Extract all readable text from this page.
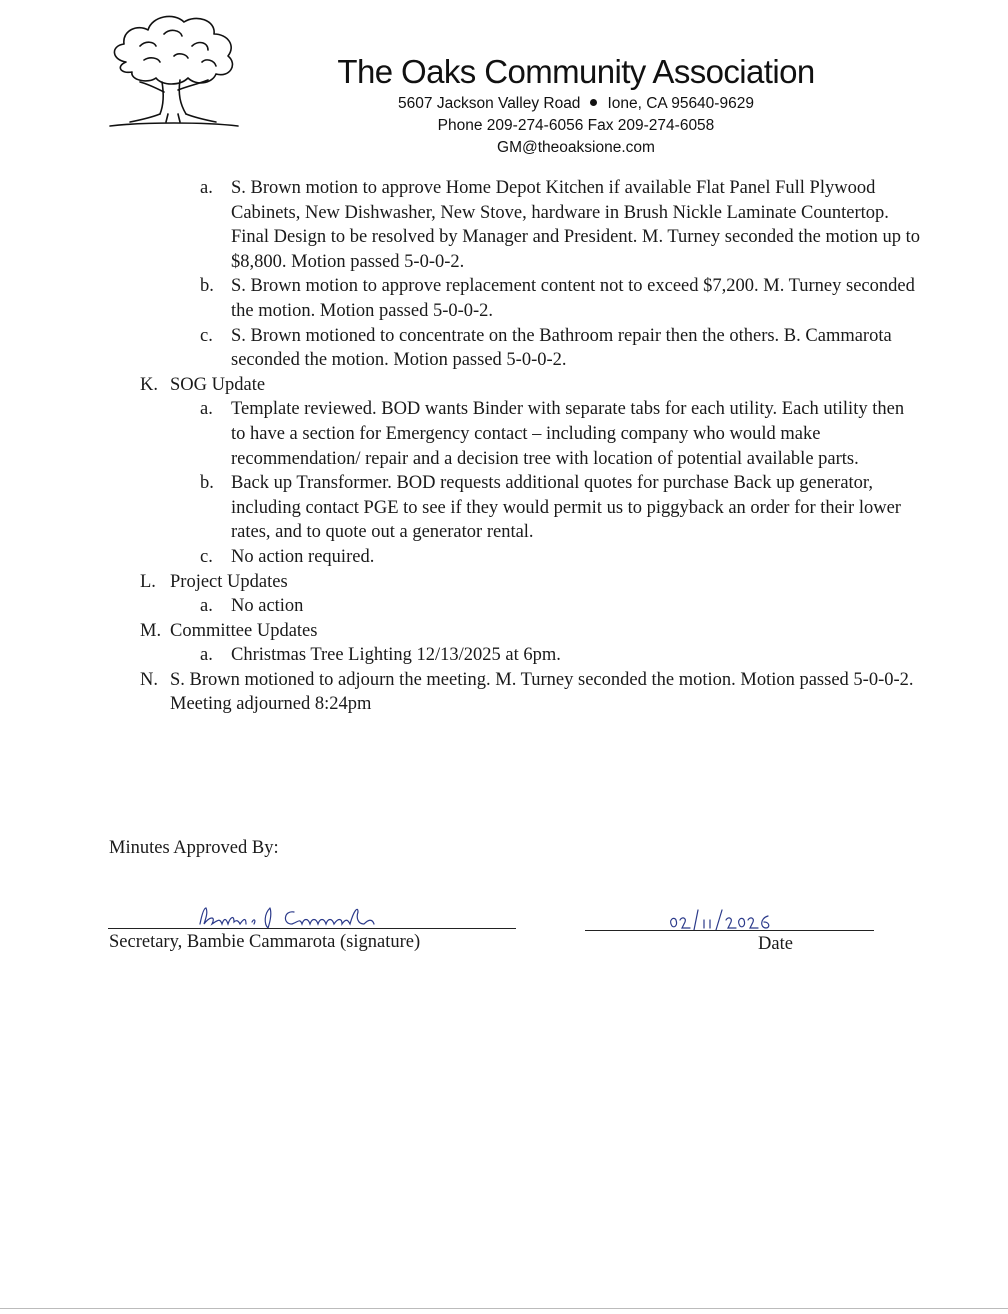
The Oaks Community Association
5607 Jackson Valley Road Ione, CA 95640-9629
Phone 209-274-6056 Fax 209-274-6058
GM@theoaksione.com
a. S. Brown motion to approve Home Depot Kitchen if available Flat Panel Full Plywood Cabinets, New Dishwasher, New Stove, hardware in Brush Nickle Laminate Countertop. Final Design to be resolved by Manager and President. M. Turney seconded the motion up to $8,800. Motion passed 5-0-0-2.
b. S. Brown motion to approve replacement content not to exceed $7,200. M. Turney seconded the motion. Motion passed 5-0-0-2.
c. S. Brown motioned to concentrate on the Bathroom repair then the others. B. Cammarota seconded the motion. Motion passed 5-0-0-2.
K. SOG Update
a. Template reviewed. BOD wants Binder with separate tabs for each utility. Each utility then to have a section for Emergency contact – including company who would make recommendation/ repair and a decision tree with location of potential available parts.
b. Back up Transformer. BOD requests additional quotes for purchase Back up generator, including contact PGE to see if they would permit us to piggyback an order for their lower rates, and to quote out a generator rental.
c. No action required.
L. Project Updates
a. No action
M. Committee Updates
a. Christmas Tree Lighting 12/13/2025 at 6pm.
N. S. Brown motioned to adjourn the meeting. M. Turney seconded the motion. Motion passed 5-0-0-2.
Meeting adjourned 8:24pm
Minutes Approved By:
Secretary, Bambie Cammarota (signature)	Date
